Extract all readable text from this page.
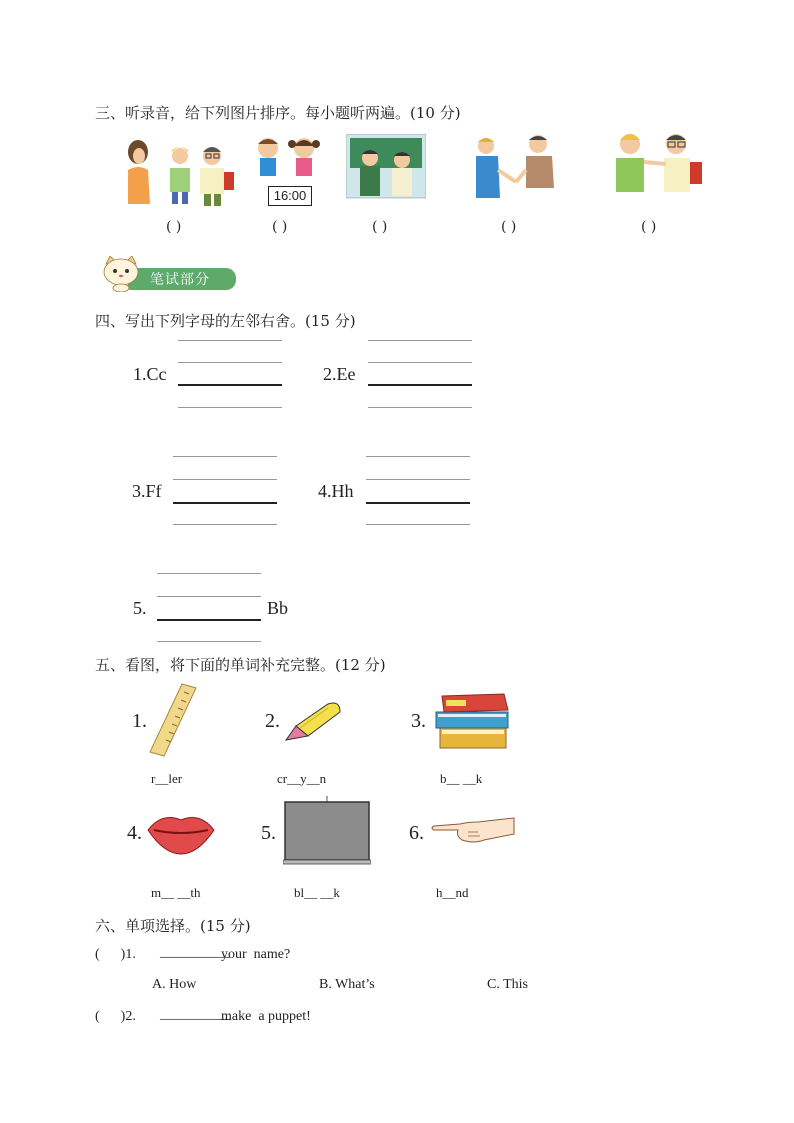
三、听录音，给下列图片排序。每小题听两遍。(10 分)
16:00
( )	( )	( )	( )	( )
笔试部分
四、写出下列字母的左邻右舍。(15 分)
1.Cc	2.Ee
3.Ff	4.Hh
5.	Bb
五、看图，将下面的单词补充完整。(12 分)
1.	2.	3.
r__ler	cr__y__n	b__ __k
4.	5.	6.
m__ __th	bl__ __k	h__nd
六、单项选择。(15 分)
(      )1. __________
your  name?
A. How	B. What’s	C. This
(      )2. __________
make  a puppet!
